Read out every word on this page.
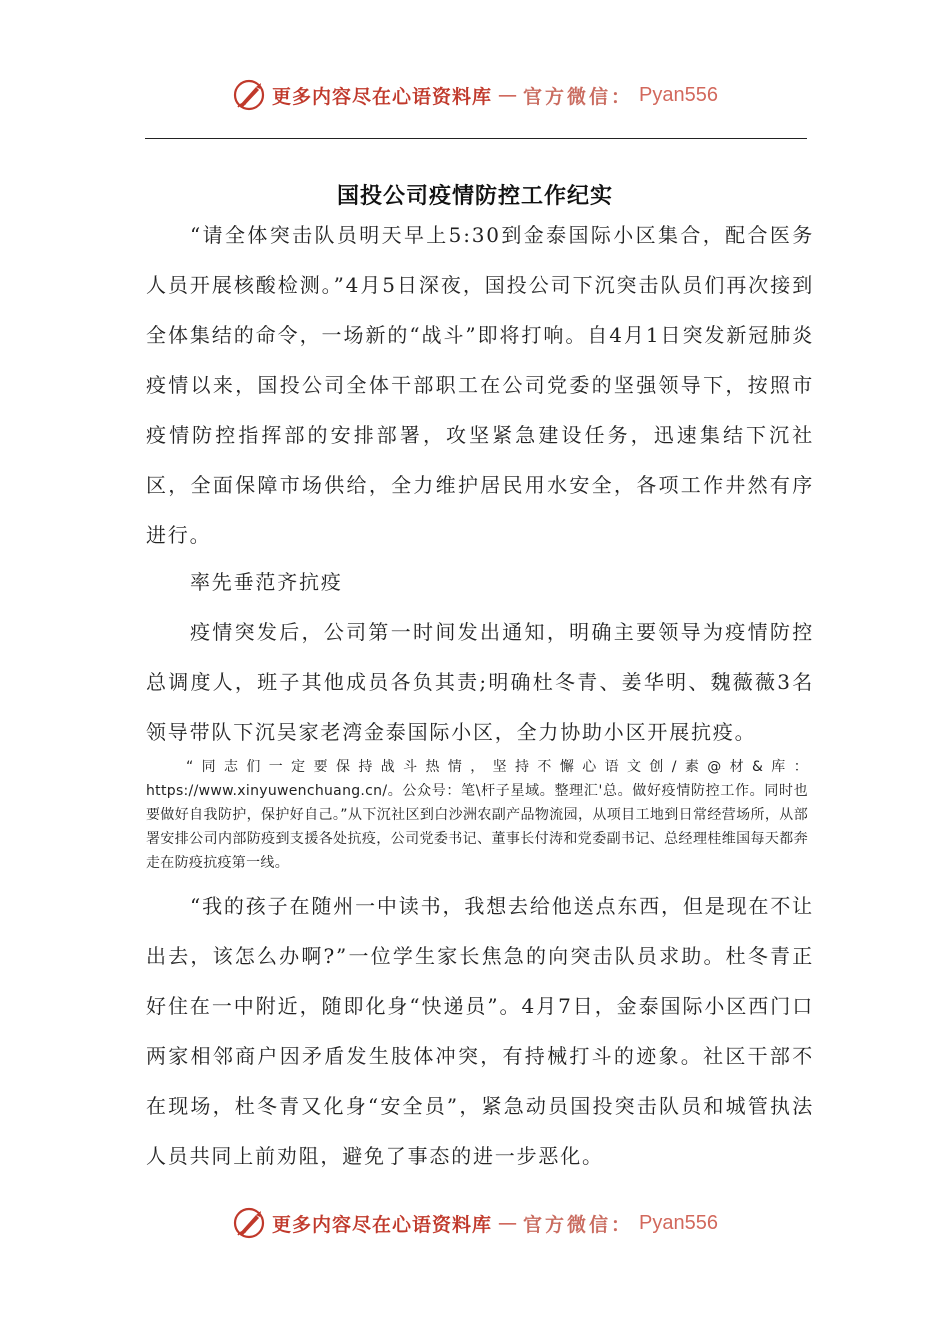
更多内容尽在心语资料库 — 官方微信： Pyan556
国投公司疫情防控工作纪实

“请全体突击队员明天早上5:30到金泰国际小区集合，配合医务人员开展核酸检测。”4月5日深夜，国投公司下沉突击队员们再次接到全体集结的命令，一场新的“战斗”即将打响。自4月1日突发新冠肺炎疫情以来，国投公司全体干部职工在公司党委的坚强领导下，按照市疫情防控指挥部的安排部署，攻坚紧急建设任务，迅速集结下沉社区，全面保障市场供给，全力维护居民用水安全，各项工作井然有序进行。

率先垂范齐抗疫

疫情突发后，公司第一时间发出通知，明确主要领导为疫情防控总调度人，班子其他成员各负其责;明确杜冬青、姜华明、魏薇薇3名领导带队下沉吴家老湾金泰国际小区，全力协助小区开展抗疫。

“同志们一定要保持战斗热情，坚持不懈心语文创/素@材&库：https://www.xinyuwenchuang.cn/。公众号：笔\杆子星域。整理汇'总。做好疫情防控工作。同时也要做好自我防护，保护好自己。”从下沉社区到白沙洲农副产品物流园，从项目工地到日常经营场所，从部署安排公司内部防疫到支援各处抗疫，公司党委书记、董事长付涛和党委副书记、总经理桂维国每天都奔走在防疫抗疫第一线。

“我的孩子在随州一中读书，我想去给他送点东西，但是现在不让出去，该怎么办啊?”一位学生家长焦急的向突击队员求助。杜冬青正好住在一中附近，随即化身“快递员”。4月7日，金泰国际小区西门口两家相邻商户因矛盾发生肢体冲突，有持械打斗的迹象。社区干部不在现场，杜冬青又化身“安全员”，紧急动员国投突击队员和城管执法人员共同上前劝阻，避免了事态的进一步恶化。

更多内容尽在心语资料库 — 官方微信： Pyan556
